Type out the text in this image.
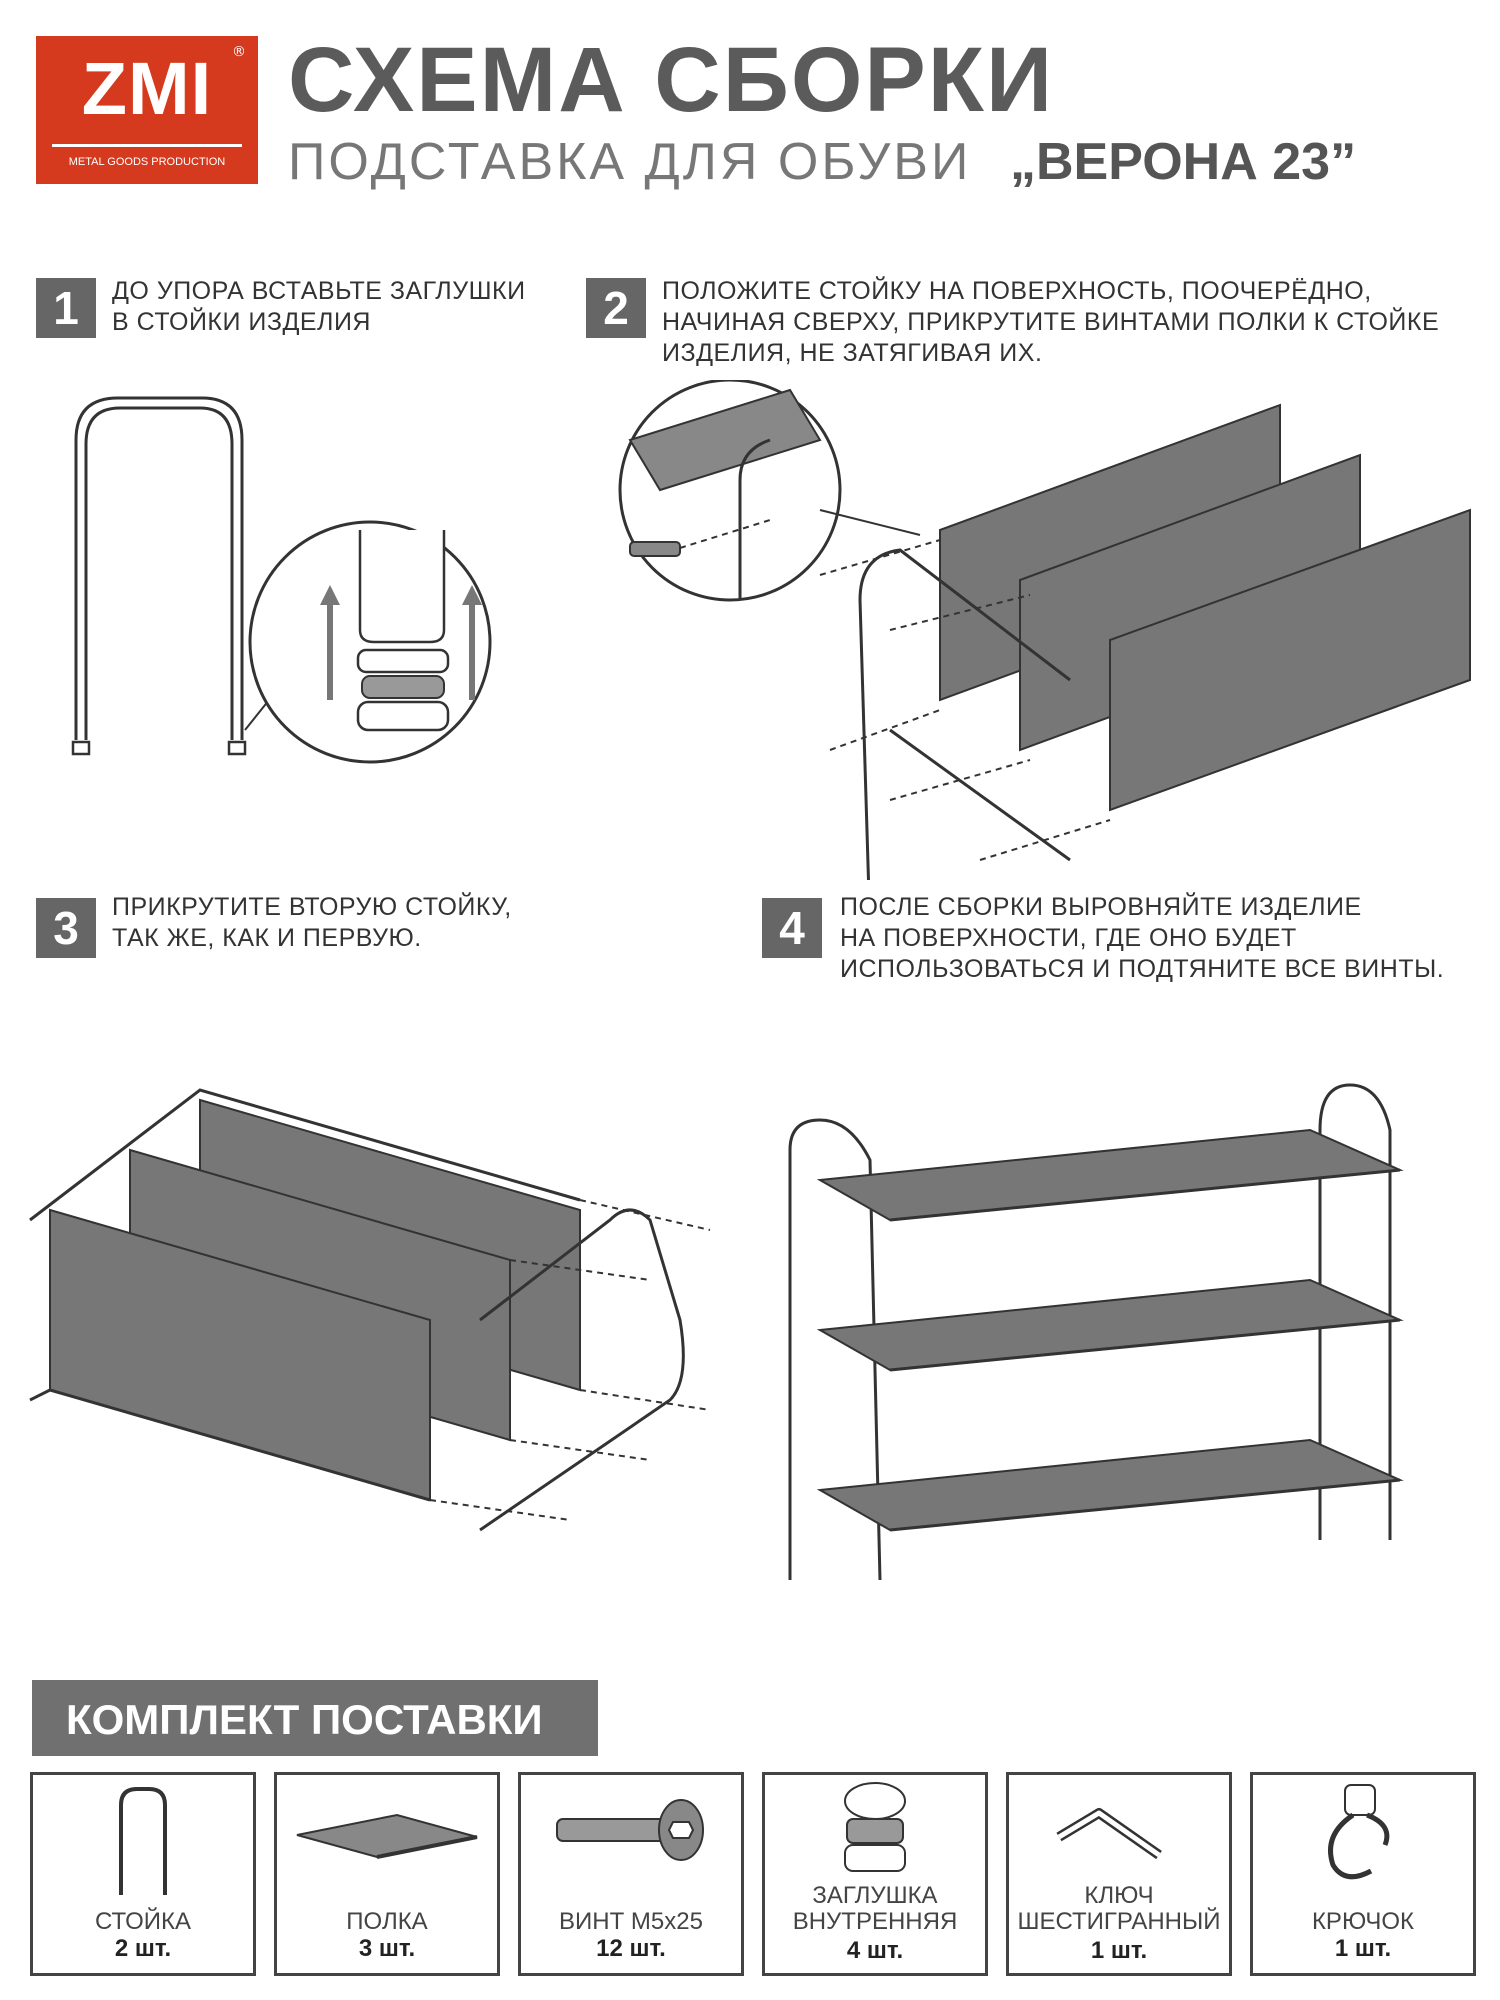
ZMI	®
METAL GOODS PRODUCTION
СХЕМА СБОРКИ
ПОДСТАВКА ДЛЯ ОБУВИ „ВЕРОНА 23”
1	ДО УПОРА ВСТАВЬТЕ ЗАГЛУШКИ
В СТОЙКИ ИЗДЕЛИЯ	2	ПОЛОЖИТЕ СТОЙКУ НА ПОВЕРХНОСТЬ, ПООЧЕРЁДНО,
НАЧИНАЯ СВЕРХУ, ПРИКРУТИТЕ ВИНТАМИ ПОЛКИ К СТОЙКЕ
ИЗДЕЛИЯ, НЕ ЗАТЯГИВАЯ ИХ.
3	ПРИКРУТИТЕ ВТОРУЮ СТОЙКУ,
ТАК ЖЕ, КАК И ПЕРВУЮ.	4	ПОСЛЕ СБОРКИ ВЫРОВНЯЙТЕ ИЗДЕЛИЕ
НА ПОВЕРХНОСТИ, ГДЕ ОНО БУДЕТ
ИСПОЛЬЗОВАТЬСЯ И ПОДТЯНИТЕ ВСЕ ВИНТЫ.
КОМПЛЕКТ ПОСТАВКИ
СТОЙКА
2 шт.
ПОЛКА
3 шт.
ВИНТ M5x25
12 шт.
ЗАГЛУШКА
ВНУТРЕННЯЯ
4 шт.
КЛЮЧ
ШЕСТИГРАННЫЙ
1 шт.
КРЮЧОК
1 шт.
